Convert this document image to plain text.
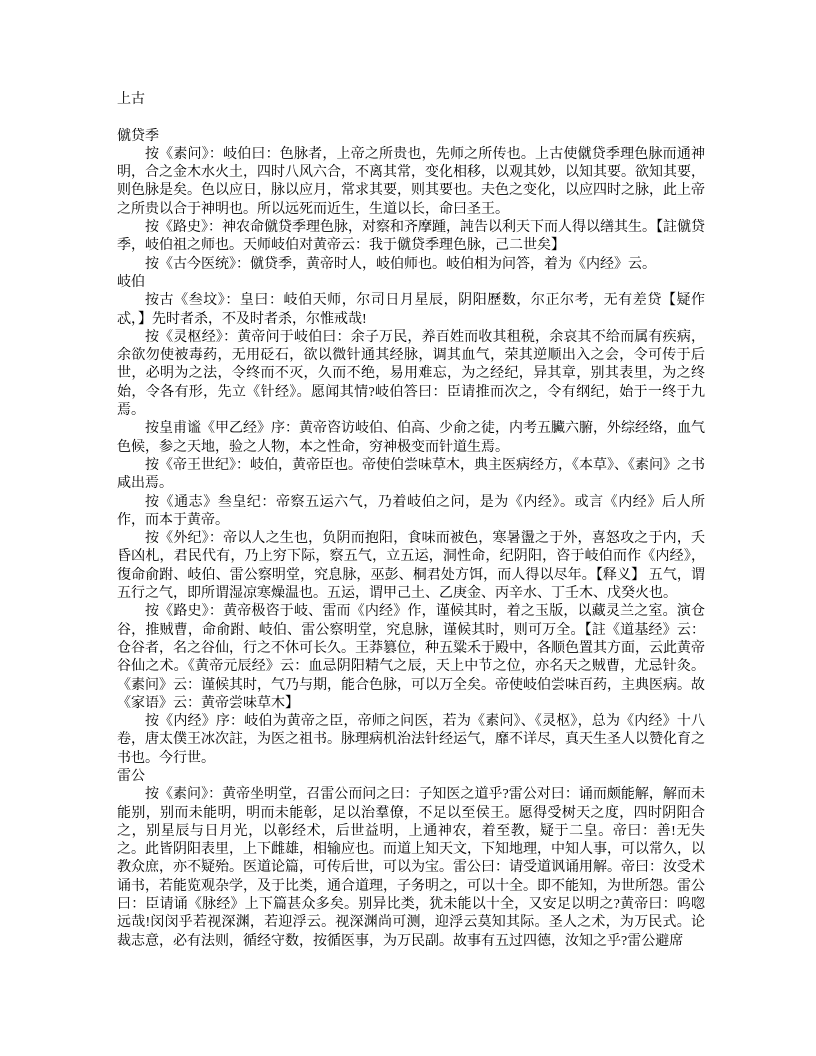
上古
僦贷季

按《素问》：岐伯曰：色脉者，上帝之所贵也，先师之所传也。上古使僦贷季理色脉而通神明，合之金木水火土，四时八风六合，不离其常，变化相移，以观其妙，以知其要。欲知其要，则色脉是矣。色以应日，脉以应月，常求其要，则其要也。夫色之变化，以应四时之脉，此上帝之所贵以合于神明也。所以远死而近生，生道以长，命曰圣王。

按《路史》：神农命僦贷季理色脉，对察和齐摩踵，訰告以利天下而人得以缮其生。【註僦贷季，岐伯祖之师也。天师岐伯对黄帝云：我于僦贷季理色脉，己二世矣】

按《古今医统》：僦贷季，黄帝时人，岐伯师也。岐伯相为问答，着为《内经》云。

岐伯

按古《叁坟》：皇曰：岐伯天师，尔司日月星辰，阴阳歷数，尔正尔考，无有差贷【疑作忒，】先时者杀，不及时者杀，尔惟戒哉!

按《灵枢经》：黄帝问于岐伯曰：余子万民，养百姓而收其租税，余哀其不给而属有疾病，余欲勿使被毒药，无用砭石，欲以微针通其经脉，调其血气，荣其逆顺出入之会，令可传于后世，必明为之法，令终而不灭，久而不绝，易用难忘，为之经纪，异其章，别其表里，为之终始，令各有形，先立《针经》。愿闻其情?岐伯答曰：臣请推而次之，令有纲纪，始于一终于九焉。

按皇甫谧《甲乙经》序：黄帝咨访岐伯、伯高、少俞之徒，内考五臟六腑，外综经络，血气色候，参之天地，验之人物，本之性命，穷神极变而针道生焉。

按《帝王世纪》：岐伯，黄帝臣也。帝使伯尝味草木，典主医病经方，《本草》、《素问》之书咸出焉。

按《通志》叁皇纪：帝察五运六气，乃着岐伯之问，是为《内经》。或言《内经》后人所作，而本于黄帝。

按《外纪》：帝以人之生也，负阴而抱阳，食味而被色，寒暑盪之于外，喜怒攻之于内，夭昏凶札，君民代有，乃上穷下际，察五气，立五运，洞性命，纪阴阳，咨于岐伯而作《内经》，復命俞跗、岐伯、雷公察明堂，究息脉，巫彭、桐君处方饵，而人得以尽年。【释义】 五气，谓五行之气，即所谓湿凉寒燥温也。五运，谓甲己土、乙庚金、丙辛水、丁壬木、戊癸火也。

按《路史》：黄帝极咨于岐、雷而《内经》作，谨候其时，着之玉版，以藏灵兰之室。演仓谷，推贼曹，命俞跗、岐伯、雷公察明堂，究息脉，谨候其时，则可万全。【註《道基经》云：仓谷者，名之谷仙，行之不休可长久。王莽篡位，种五粱禾于殿中，各顺色置其方面，云此黄帝谷仙之术。《黄帝元辰经》云：血忌阴阳精气之辰，天上中节之位，亦名天之贼曹，尤忌针灸。《素问》云：谨候其时，气乃与期，能合色脉，可以万全矣。帝使岐伯尝味百药，主典医病。故《家语》云：黄帝尝味草木】

按《内经》序：岐伯为黄帝之臣，帝师之问医，若为《素问》、《灵枢》，总为《内经》十八卷，唐太僕王冰次註，为医之祖书。脉理病机治法针经运气，靡不详尽，真天生圣人以赞化育之书也。今行世。

雷公

按《素问》：黄帝坐明堂，召雷公而问之曰：子知医之道乎?雷公对曰：诵而颇能解，解而未能别，别而未能明，明而未能彰，足以治羣僚，不足以至侯王。愿得受树天之度，四时阴阳合之，别星辰与日月光，以彰经术，后世益明，上通神农，着至教，疑于二皇。帝曰：善!无失之。此皆阴阳表里，上下雌雄，相输应也。而道上知天文，下知地理，中知人事，可以常久，以教众庶，亦不疑殆。医道论篇，可传后世，可以为宝。雷公曰：请受道讽诵用解。帝曰：汝受术诵书，若能览观杂学，及于比类，通合道理，子务明之，可以十全。即不能知，为世所怨。雷公曰：臣请诵《脉经》上下篇甚众多矣。别异比类，犹未能以十全，又安足以明之?黄帝曰：呜唿远哉!闵闵乎若视深渊，若迎浮云。视深渊尚可测，迎浮云莫知其际。圣人之术，为万民式。论裁志意，必有法则，循经守数，按循医事，为万民副。故事有五过四德，汝知之乎?雷公避席
